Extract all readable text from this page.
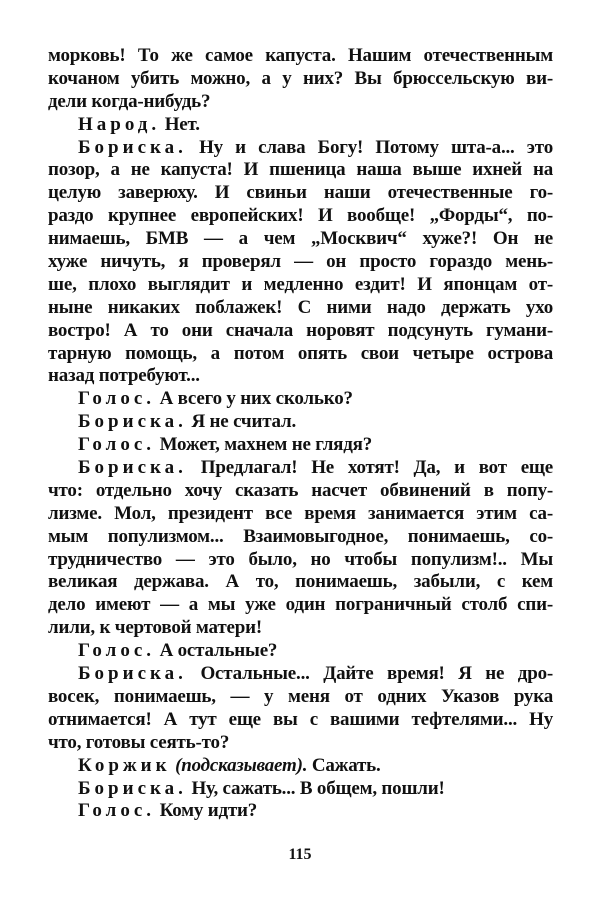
морковь! То же самое капуста. Нашим отечественным
кочаном убить можно, а у них? Вы брюссельскую ви-
дели когда-нибудь?
Народ. Нет.
Бориска. Ну и слава Богу! Потому шта-а... это
позор, а не капуста! И пшеница наша выше ихней на
целую заверюху. И свиньи наши отечественные го-
раздо крупнее европейских! И вообще! „Форды“, по-
нимаешь, БМВ — а чем „Москвич“ хуже?! Он не
хуже ничуть, я проверял — он просто гораздо мень-
ше, плохо выглядит и медленно ездит! И японцам от-
ныне никаких поблажек! С ними надо держать ухо
востро! А то они сначала норовят подсунуть гумани-
тарную помощь, а потом опять свои четыре острова
назад потребуют...
Голос. А всего у них сколько?
Бориска. Я не считал.
Голос. Может, махнем не глядя?
Бориска. Предлагал! Не хотят! Да, и вот еще
что: отдельно хочу сказать насчет обвинений в попу-
лизме. Мол, президент все время занимается этим са-
мым популизмом... Взаимовыгодное, понимаешь, со-
трудничество — это было, но чтобы популизм!.. Мы
великая держава. А то, понимаешь, забыли, с кем
дело имеют — а мы уже один пограничный столб спи-
лили, к чертовой матери!
Голос. А остальные?
Бориска. Остальные... Дайте время! Я не дро-
восек, понимаешь, — у меня от одних Указов рука
отнимается! А тут еще вы с вашими тефтелями... Ну
что, готовы сеять-то?
Коржик (подсказывает). Сажать.
Бориска. Ну, сажать... В общем, пошли!
Голос. Кому идти?
115
